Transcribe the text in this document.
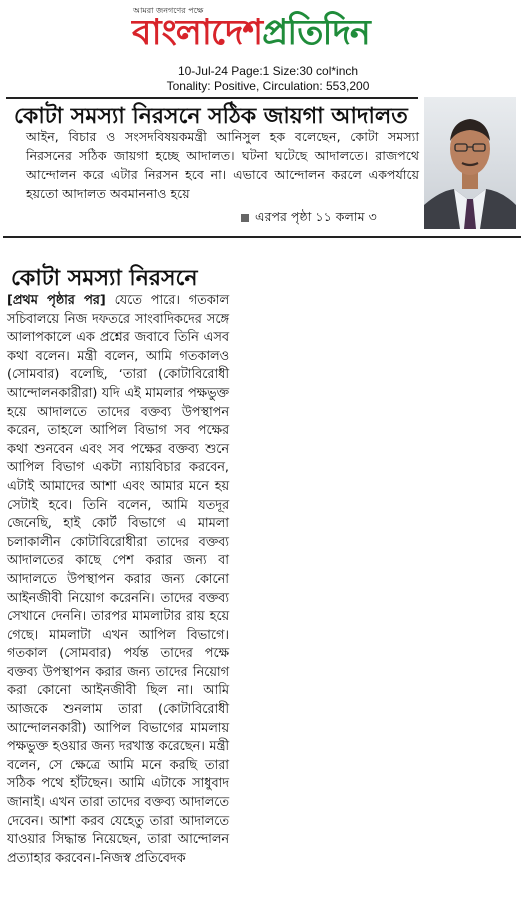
আমরা জনগণের পক্ষে
বাংলাদেশপ্রতিদিন
10-Jul-24 Page:1 Size:30 col*inch
Tonality: Positive, Circulation: 553,200
কোটা সমস্যা নিরসনে সঠিক জায়গা আদালত
আইন, বিচার ও সংসদবিষয়কমন্ত্রী আনিসুল হক বলেছেন, কোটা সমস্যা নিরসনের সঠিক জায়গা হচ্ছে আদালত। ঘটনা ঘটেছে আদালতে। রাজপথে আন্দোলন করে এটার নিরসন হবে না। এভাবে আন্দোলন করলে একপর্যায়ে হয়তো আদালত অবমাননাও হয়ে
এরপর পৃষ্ঠা ১১ কলাম ৩
কোটা সমস্যা নিরসনে
[প্রথম পৃষ্ঠার পর] যেতে পারে। গতকাল সচিবালয়ে নিজ দফতরে সাংবাদিকদের সঙ্গে আলাপকালে এক প্রশ্নের জবাবে তিনি এসব কথা বলেন। মন্ত্রী বলেন, আমি গতকালও (সোমবার) বলেছি, ‘তারা (কোটাবিরোধী আন্দোলনকারীরা) যদি এই মামলার পক্ষভুক্ত হয়ে আদালতে তাদের বক্তব্য উপস্থাপন করেন, তাহলে আপিল বিভাগ সব পক্ষের কথা শুনবেন এবং সব পক্ষের বক্তব্য শুনে আপিল বিভাগ একটা ন্যায়বিচার করবেন, এটাই আমাদের আশা এবং আমার মনে হয় সেটাই হবে। তিনি বলেন, আমি যতদূর জেনেছি, হাই কোর্ট বিভাগে এ মামলা চলাকালীন কোটাবিরোধীরা তাদের বক্তব্য আদালতের কাছে পেশ করার জন্য বা আদালতে উপস্থাপন করার জন্য কোনো আইনজীবী নিয়োগ করেননি। তাদের বক্তব্য সেখানে দেননি। তারপর মামলাটার রায় হয়ে গেছে। মামলাটা এখন আপিল বিভাগে। গতকাল (সোমবার) পর্যন্ত তাদের পক্ষে বক্তব্য উপস্থাপন করার জন্য তাদের নিয়োগ করা কোনো আইনজীবী ছিল না। আমি আজকে শুনলাম তারা (কোটাবিরোধী আন্দোলনকারী) আপিল বিভাগের মামলায় পক্ষভুক্ত হওয়ার জন্য দরখাস্ত করেছেন। মন্ত্রী বলেন, সে ক্ষেত্রে আমি মনে করছি তারা সঠিক পথে হাঁটছেন। আমি এটাকে সাধুবাদ জানাই। এখন তারা তাদের বক্তব্য আদালতে দেবেন। আশা করব যেহেতু তারা আদালতে যাওয়ার সিদ্ধান্ত নিয়েছেন, তারা আন্দোলন প্রত্যাহার করবেন।-নিজস্ব প্রতিবেদক
